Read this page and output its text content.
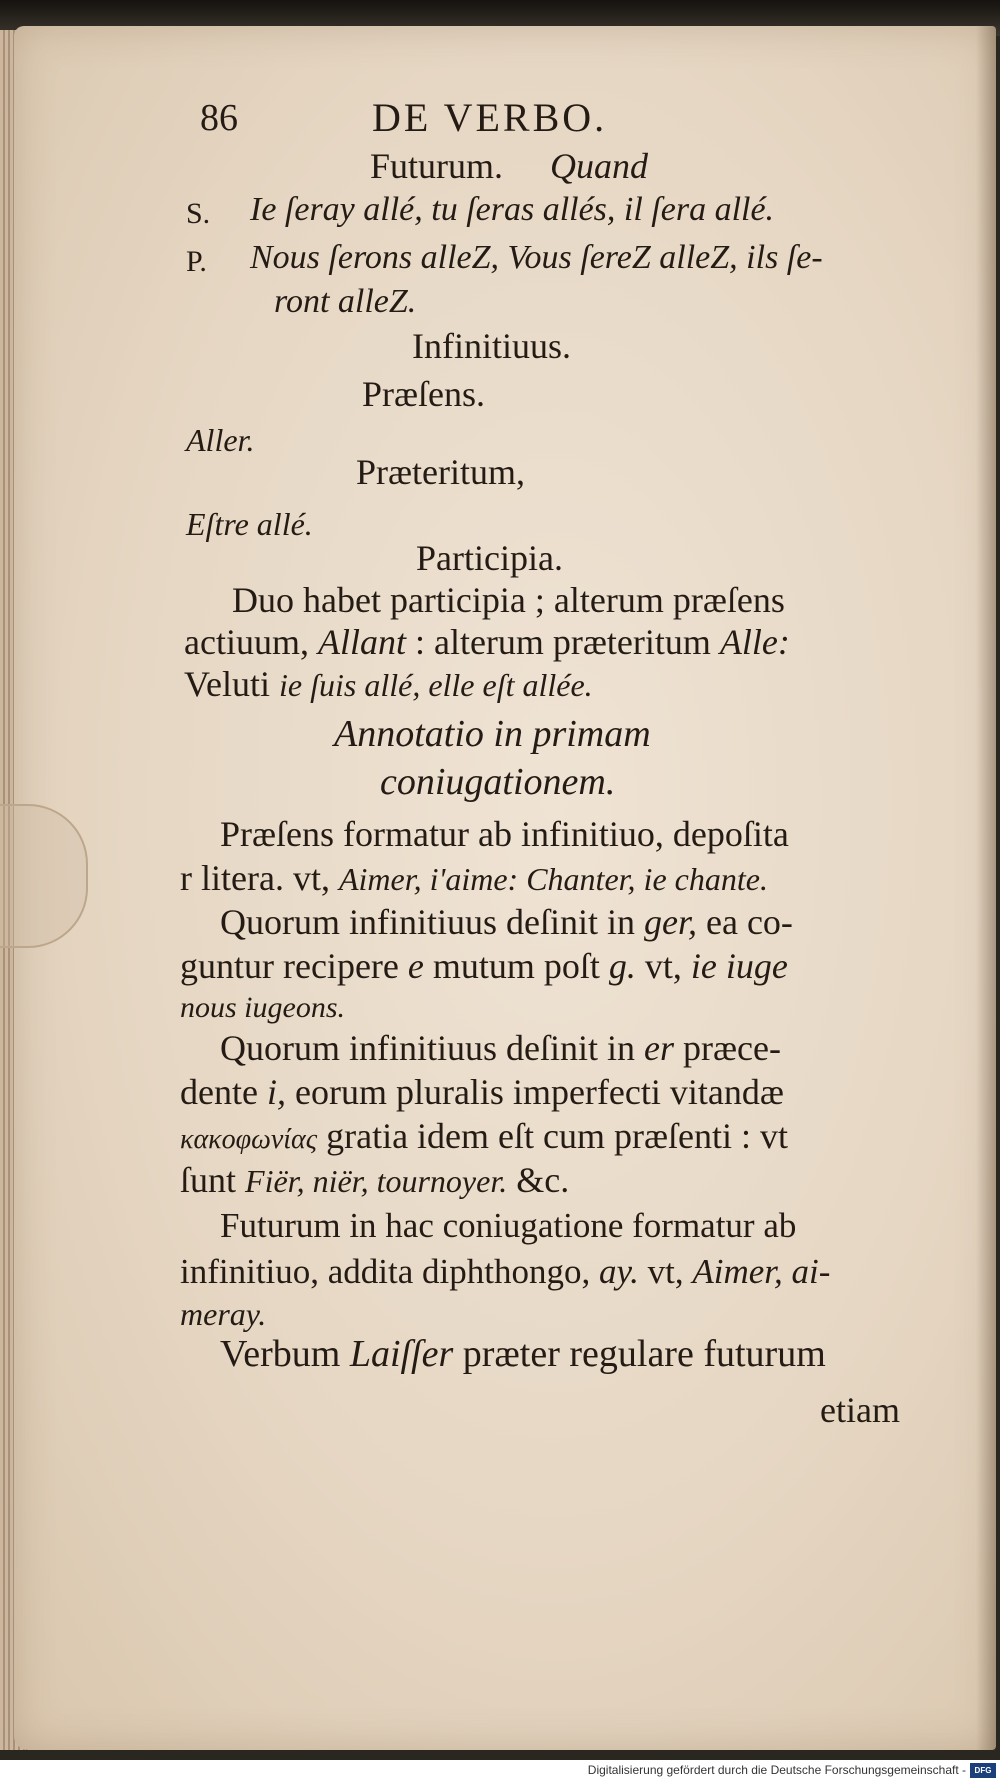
86	DE VERBO.
Futurum. Quand
S. Ie ſeray allé, tu ſeras allés, il ſera allé.
P. Nous ſerons alleZ, Vous ſereZ alleZ, ils ſe-
ront alleZ.
Infinitiuus.
Præſens.
Aller.
Præteritum,
Eſtre allé.
Participia.
Duo habet participia ; alterum præſens
actiuum, Allant : alterum præteritum Alle:
Veluti ie ſuis allé, elle eſt allée.
Annotatio in primam
coniugationem.
Præſens formatur ab infinitiuo, depoſita
r litera. vt, Aimer, i'aime: Chanter, ie chante.
Quorum infinitiuus deſinit in ger, ea co-
guntur recipere e mutum poſt g. vt, ie iuge
nous iugeons.
Quorum infinitiuus deſinit in er præce-
dente i, eorum pluralis imperfecti vitandæ
κακοφωνίας gratia idem eſt cum præſenti : vt
ſunt Fiër, niër, tournoyer. &c.
Futurum in hac coniugatione formatur ab
infinitiuo, addita diphthongo, ay. vt, Aimer, ai-
meray.
Verbum Laiſſer præter regulare futurum
etiam
Digitalisierung gefördert durch die Deutsche Forschungsgemeinschaft -	DFG
